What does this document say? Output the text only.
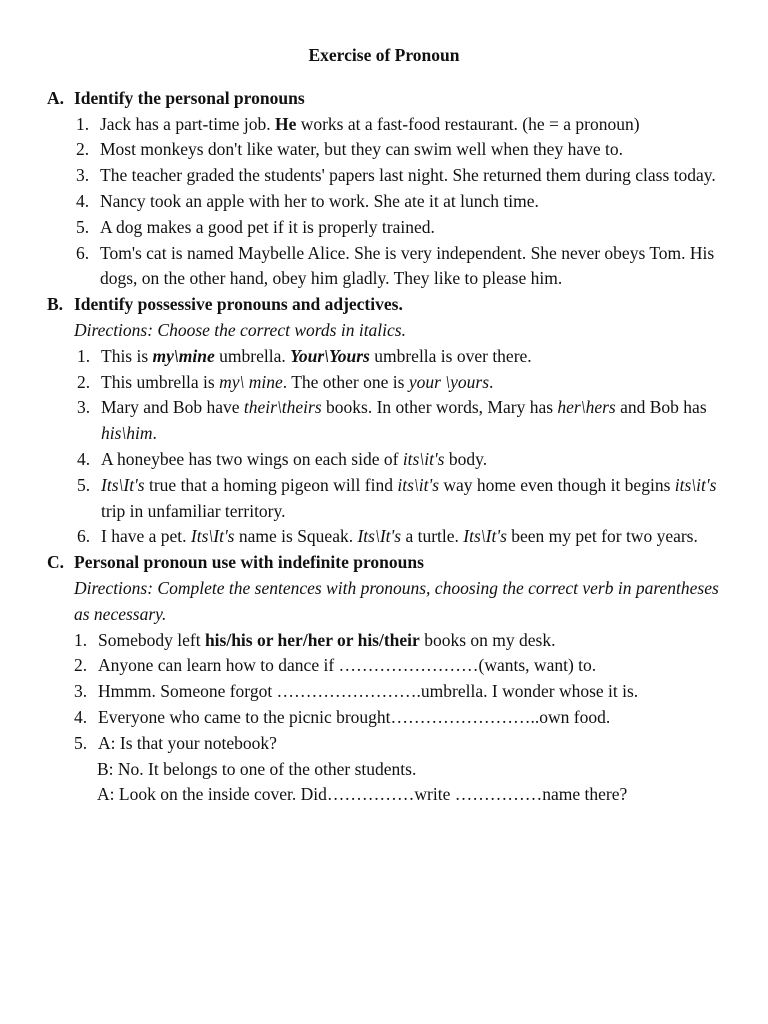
Exercise of Pronoun
A. Identify the personal pronouns
1. Jack has a part-time job. He works at a fast-food restaurant. (he = a pronoun)
2. Most monkeys don't like water, but they can swim well when they have to.
3. The teacher graded the students' papers last night. She returned them during class today.
4. Nancy took an apple with her to work. She ate it at lunch time.
5. A dog makes a good pet if it is properly trained.
6. Tom's cat is named Maybelle Alice. She is very independent. She never obeys Tom. His dogs, on the other hand, obey him gladly. They like to please him.
B. Identify possessive pronouns and adjectives.
Directions: Choose the correct words in italics.
1. This is my\mine umbrella. Your\Yours umbrella is over there.
2. This umbrella is my\ mine. The other one is your \yours.
3. Mary and Bob have their\theirs books. In other words, Mary has her\hers and Bob has his\him.
4. A honeybee has two wings on each side of its\it's body.
5. Its\It's true that a homing pigeon will find its\it's way home even though it begins its\it's trip in unfamiliar territory.
6. I have a pet. Its\It's name is Squeak. Its\It's a turtle. Its\It's been my pet for two years.
C. Personal pronoun use with indefinite pronouns
Directions: Complete the sentences with pronouns, choosing the correct verb in parentheses as necessary.
1. Somebody left his/his or her/her or his/their books on my desk.
2. Anyone can learn how to dance if ……………………(wants, want) to.
3. Hmmm. Someone forgot …………………….umbrella. I wonder whose it is.
4. Everyone who came to the picnic brought……………………..own food.
5. A: Is that your notebook?
B: No. It belongs to one of the other students.
A: Look on the inside cover. Did……………write ……………name there?
